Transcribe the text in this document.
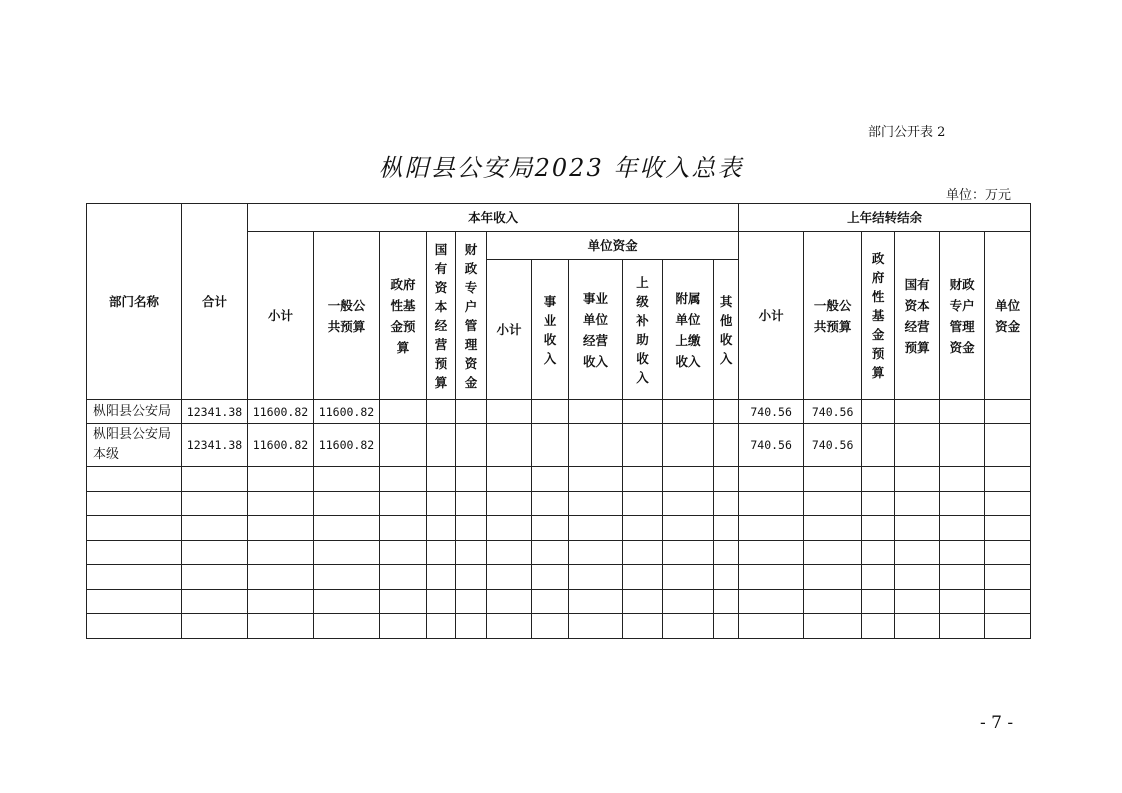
部门公开表 2
枞阳县公安局2023 年收入总表
单位：万元
部门名称	合计	本年收入											上年结转结余					
		小计	一般公共预算	政府性基金预算	国有资本经营预算	财政专户管理资金	单位资金						小计	一般公共预算	政府性基金预算	国有资本经营预算	财政专户管理资金	单位资金

							小计	事业收入	事业单位经营收入	上级补助收入	附属单位上缴收入	其他　收入						

枞阳县公安局	12341.38	11600.82	11600.82										740.56	740.56				
枞阳县公安局本级	12341.38	11600.82	11600.82										740.56	740.56				

- 7 -
